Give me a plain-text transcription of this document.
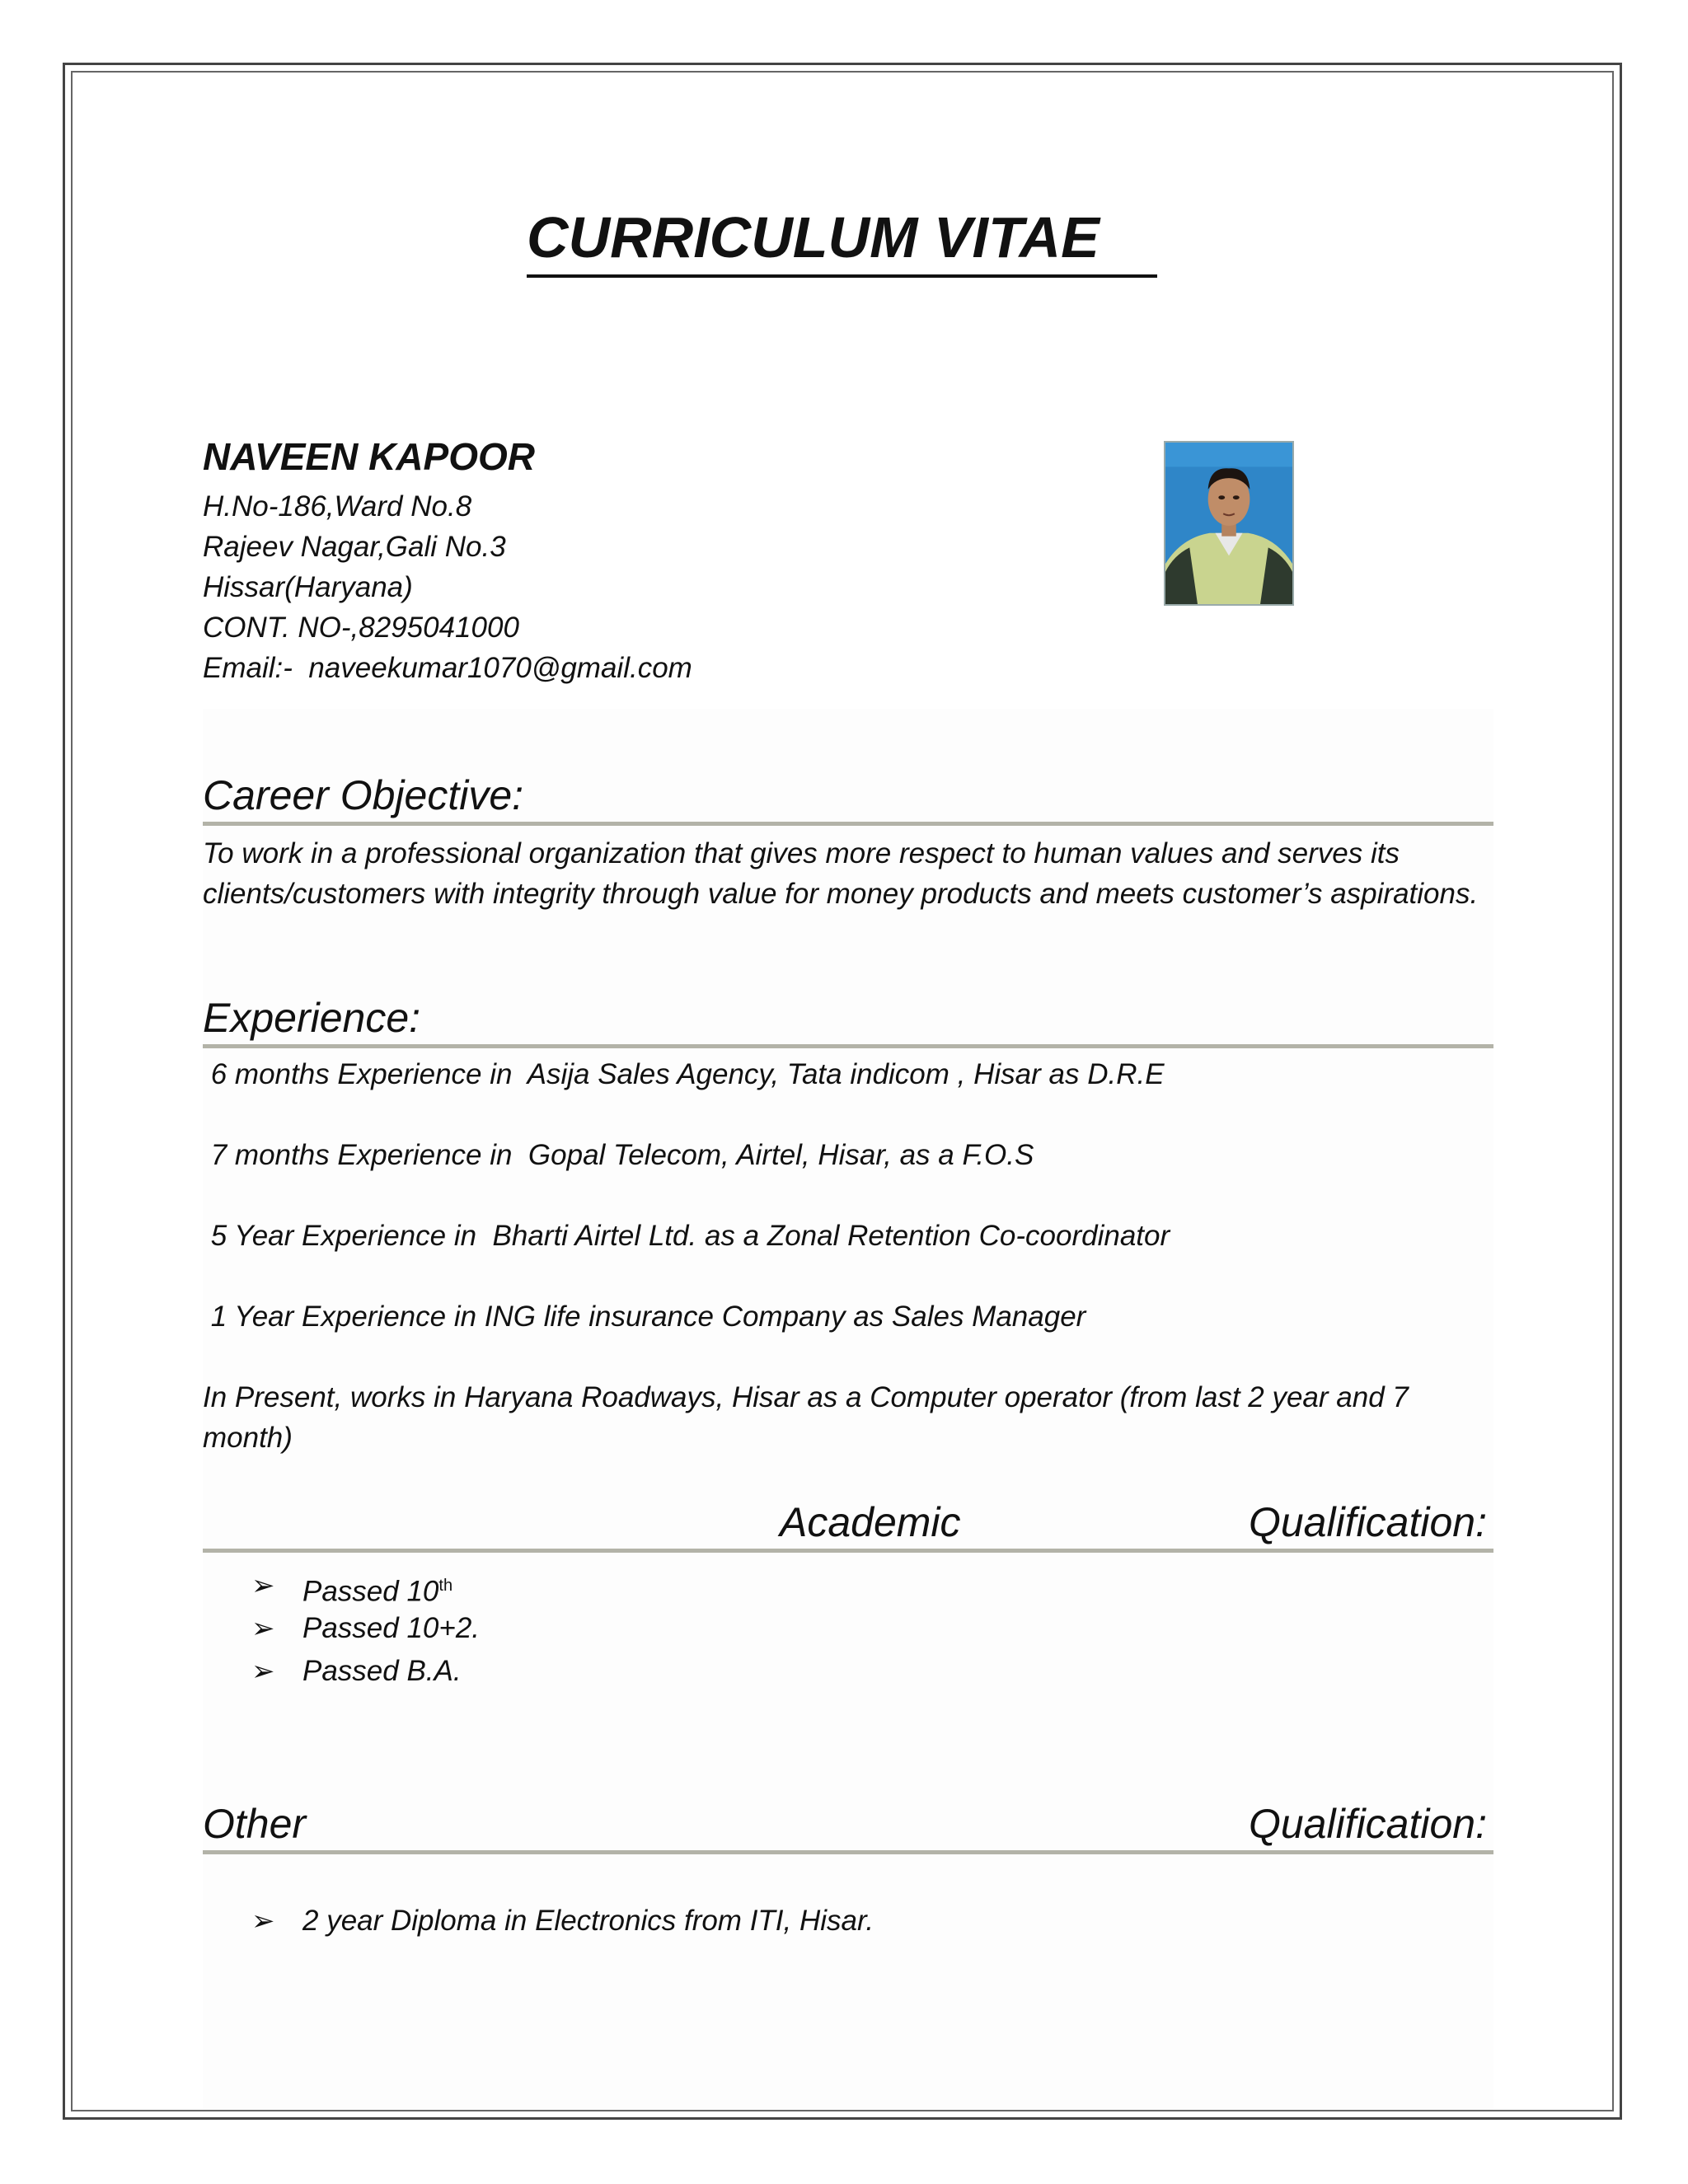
CURRICULUM VITAE
NAVEEN KAPOOR
H.No-186,Ward No.8
Rajeev Nagar,Gali No.3
Hissar(Haryana)
CONT. NO-,8295041000
Email:-  naveekumar1070@gmail.com
Career Objective:
To work in a professional organization that gives more respect to human values and serves its clients/customers with integrity through value for money products and meets customer’s aspirations.
Experience:
6 months Experience in  Asija Sales Agency, Tata indicom , Hisar as D.R.E
7 months Experience in  Gopal Telecom, Airtel, Hisar, as a F.O.S
5 Year Experience in  Bharti Airtel Ltd. as a Zonal Retention Co-coordinator
1 Year Experience in ING life insurance Company as Sales Manager
In Present, works in Haryana Roadways, Hisar as a Computer operator (from last 2 year and 7 month)
Academic	Qualification:
➢ Passed 10th
➢ Passed 10+2.
➢ Passed B.A.
Other	Qualification:
➢ 2 year Diploma in Electronics from ITI, Hisar.
